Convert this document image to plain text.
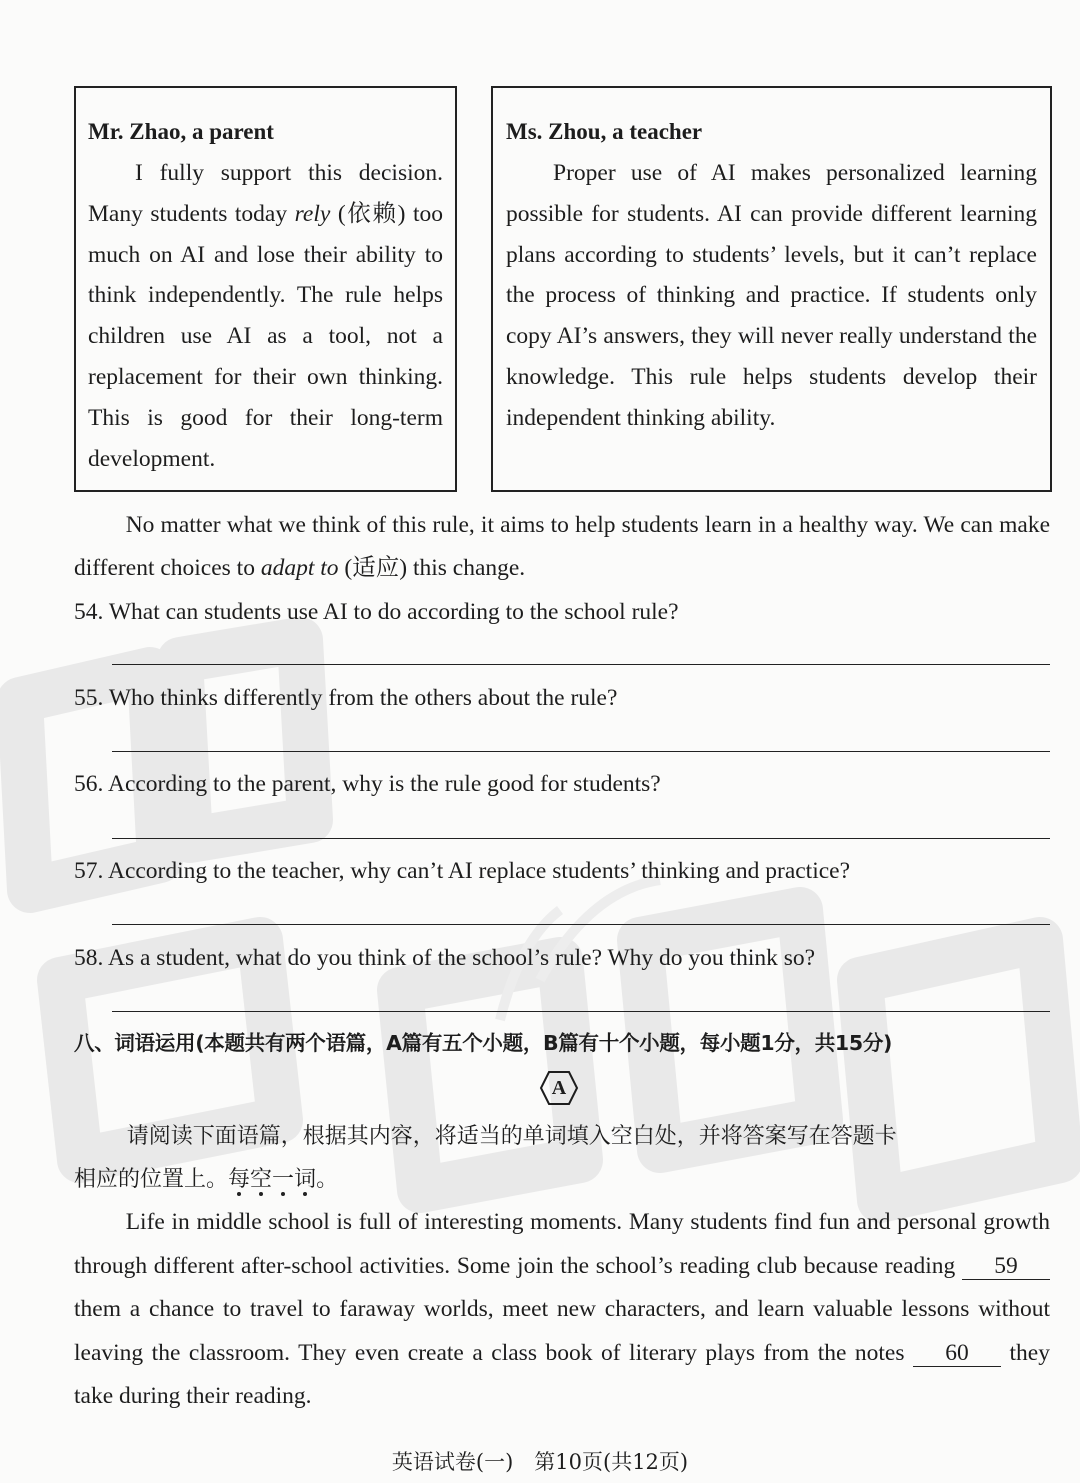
Mr. Zhao, a parent
I fully support this decision. Many students today rely (依赖) too much on AI and lose their ability to think independently. The rule helps children use AI as a tool, not a replacement for their own thinking. This is good for their long-term development.
Ms. Zhou, a teacher
Proper use of AI makes personalized learning possible for students. AI can provide different learning plans according to students’ levels, but it can’t replace the process of thinking and practice. If students only copy AI’s answers, they will never really understand the knowledge. This rule helps students develop their independent thinking ability.
No matter what we think of this rule, it aims to help students learn in a healthy way. We can make different choices to adapt to (适应) this change.
54. What can students use AI to do according to the school rule?
55. Who thinks differently from the others about the rule?
56. According to the parent, why is the rule good for students?
57. According to the teacher, why can’t AI replace students’ thinking and practice?
58. As a student, what do you think of the school’s rule? Why do you think so?
八、词语运用(本题共有两个语篇，A篇有五个小题，B篇有十个小题，每小题1分，共15分)
A
请阅读下面语篇，根据其内容，将适当的单词填入空白处，并将答案写在答题卡
相应的位置上。每空一词。
Life in middle school is full of interesting moments. Many students find fun and personal growth through different after-school activities. Some join the school’s reading club because reading 59 them a chance to travel to faraway worlds, meet new characters, and learn valuable lessons without leaving the classroom. They even create a class book of literary plays from the notes 60 they take during their reading.
英语试卷(一)　第10页(共12页)
